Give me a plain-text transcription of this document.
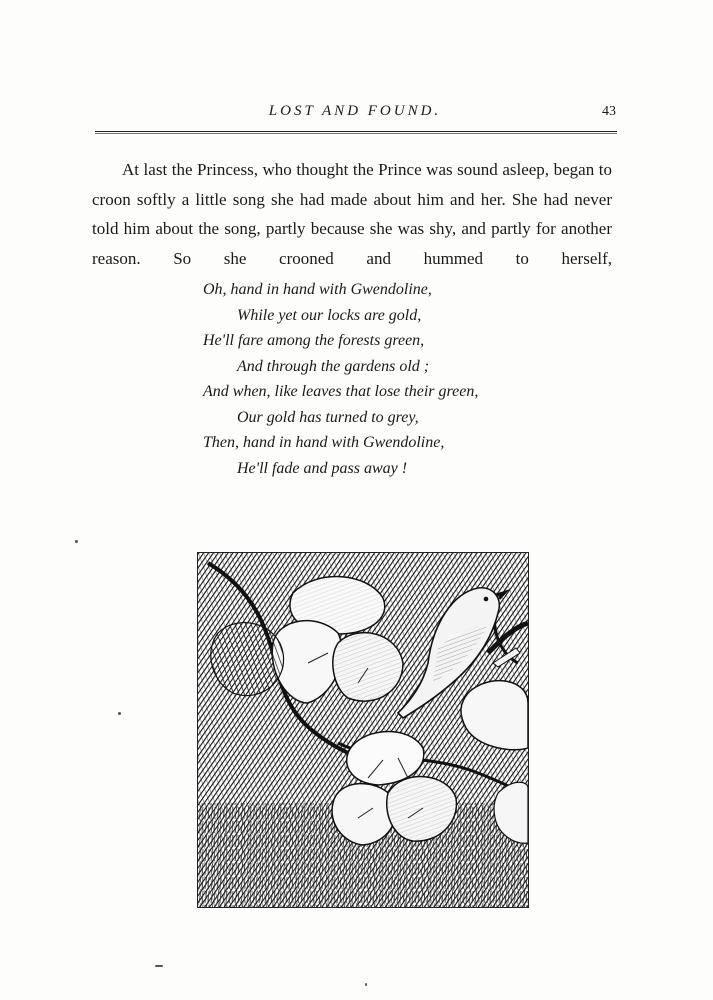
LOST AND FOUND.	43

At last the Princess, who thought the Prince was sound asleep, began to croon softly a little song she had made about him and her. She had never told him about the song, partly because she was shy, and partly for another reason. So she crooned and hummed to herself,

Oh, hand in hand with Gwendoline,
While yet our locks are gold,
He'll fare among the forests green,
And through the gardens old ;
And when, like leaves that lose their green,
Our gold has turned to grey,
Then, hand in hand with Gwendoline,
He'll fade and pass away !
